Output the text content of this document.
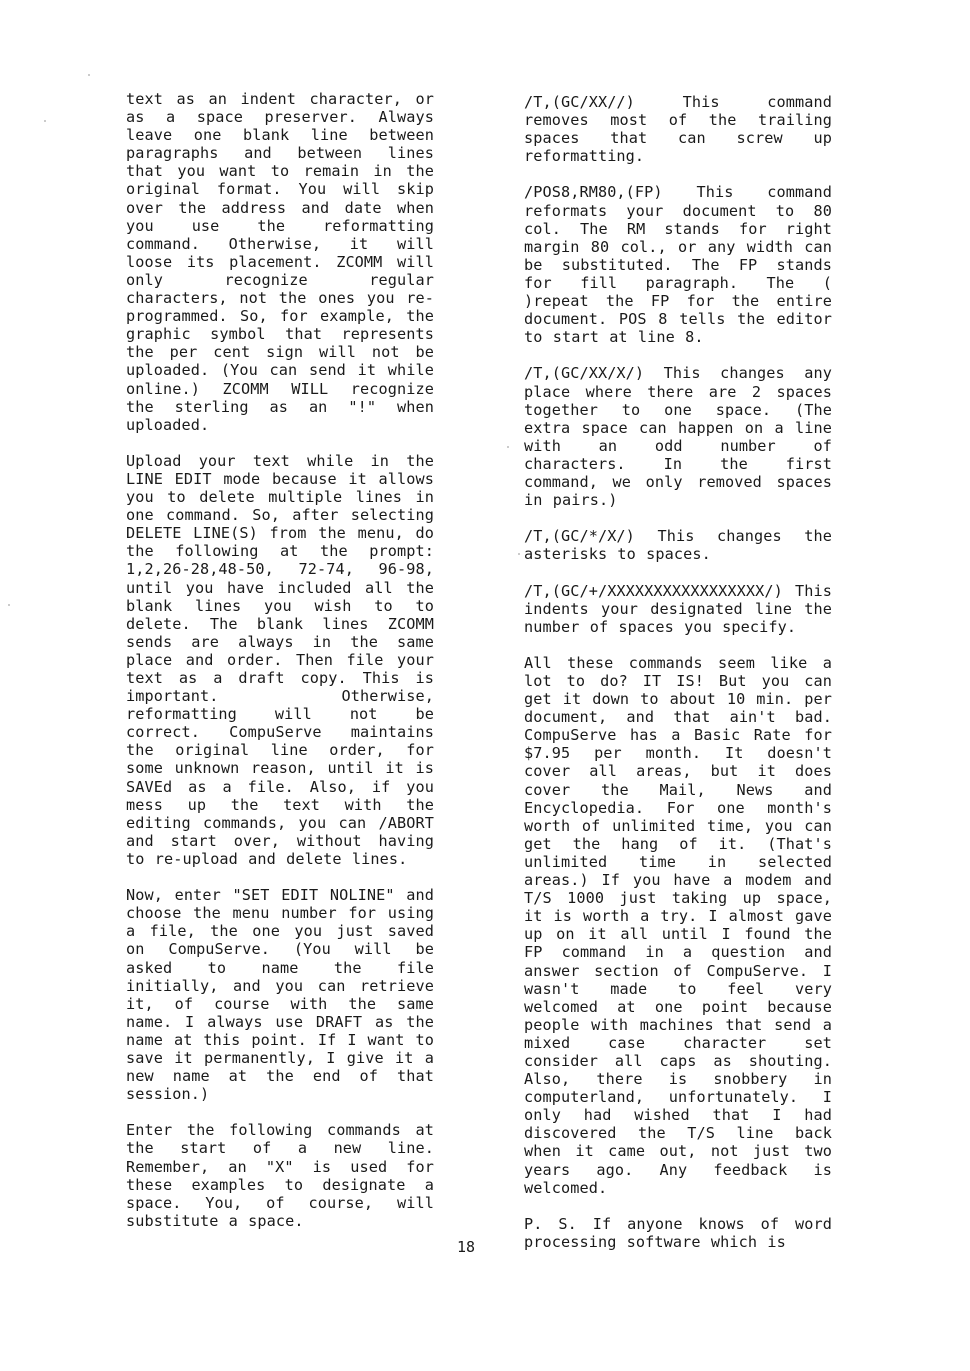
text as an indent character, or as a space preserver. Always leave one blank line between paragraphs and between lines that you want to remain in the original format. You will skip over the address and date when you use the reformatting command. Otherwise, it will loose its placement. ZCOMM will only recognize regular characters, not the ones you re-programmed. So, for example, the graphic symbol that represents the per cent sign will not be uploaded. (You can send it while online.) ZCOMM WILL recognize the sterling as an "!" when uploaded.

Upload your text while in the LINE EDIT mode because it allows you to delete multiple lines in one command. So, after selecting DELETE LINE(S) from the menu, do the following at the prompt: 1,2,26-28,48-50, 72-74, 96-98, until you have included all the blank lines you wish to to delete. The blank lines ZCOMM sends are always in the same place and order. Then file your text as a draft copy. This is important. Otherwise, reformatting will not be correct. CompuServe maintains the original line order, for some unknown reason, until it is SAVEd as a file. Also, if you mess up the text with the editing commands, you can /ABORT and start over, without having to re-upload and delete lines.

Now, enter "SET EDIT NOLINE" and choose the menu number for using a file, the one you just saved on CompuServe. (You will be asked to name the file initially, and you can retrieve it, of course with the same name. I always use DRAFT as the name at this point. If I want to save it permanently, I give it a new name at the end of that session.)

Enter the following commands at the start of a new line. Remember, an "X" is used for these examples to designate a space. You, of course, will substitute a space.

/T,(GC/XX//) This command removes most of the trailing spaces that can screw up reformatting.

/POS8,RM80,(FP) This command reformats your document to 80 col. The RM stands for right margin 80 col., or any width can be substituted. The FP stands for fill paragraph. The ( )repeat the FP for the entire document. POS 8 tells the editor to start at line 8.

/T,(GC/XX/X/) This changes any place where there are 2 spaces together to one space. (The extra space can happen on a line with an odd number of characters. In the first command, we only removed spaces in pairs.)

/T,(GC/*/X/) This changes the asterisks to spaces.

/T,(GC/+/XXXXXXXXXXXXXXXXX/) This indents your designated line the number of spaces you specify.

All these commands seem like a lot to do? IT IS! But you can get it down to about 10 min. per document, and that ain't bad. CompuServe has a Basic Rate for $7.95 per month. It doesn't cover all areas, but it does cover the Mail, News and Encyclopedia. For one month's worth of unlimited time, you can get the hang of it. (That's unlimited time in selected areas.) If you have a modem and T/S 1000 just taking up space, it is worth a try. I almost gave up on it all until I found the FP command in a question and answer section of CompuServe. I wasn't made to feel very welcomed at one point because people with machines that send a mixed case character set consider all caps as shouting. Also, there is snobbery in computerland, unfortunately. I only had wished that I had discovered the T/S line back when it came out, not just two years ago. Any feedback is welcomed.

P. S. If anyone knows of word processing software which is

18
